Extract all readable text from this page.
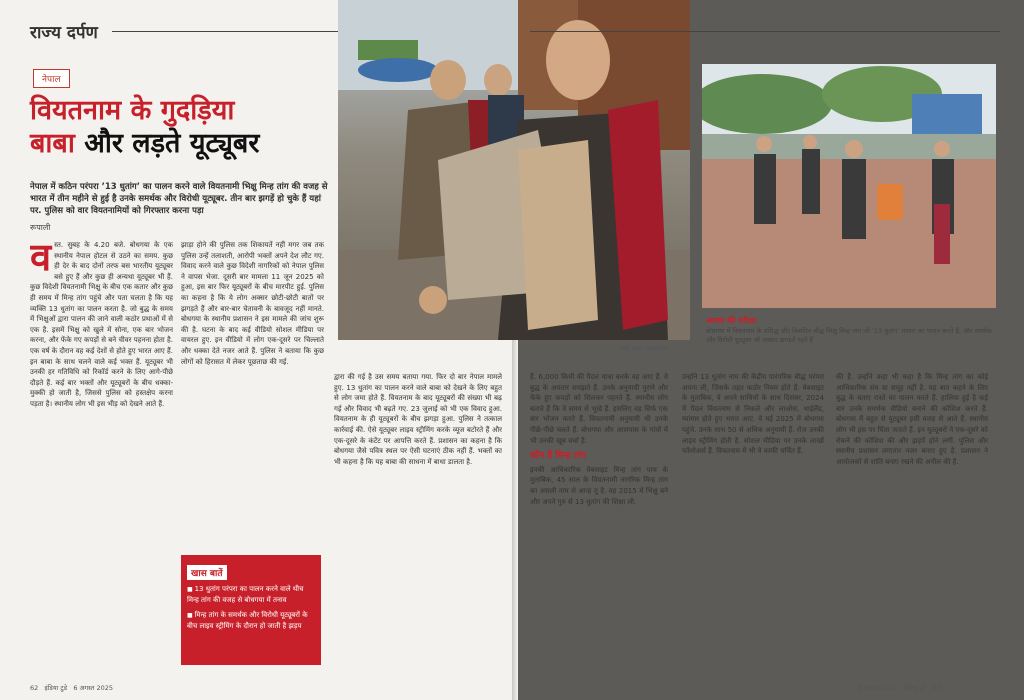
राज्य दर्पण
नेपाल
वियतनाम के गुदड़िया
बाबा और लड़ते यूट्यूबर
नेपाल में कठिन परंपरा ’13 धुतांग’ का पालन करने वाले वियतनामी भिक्षु मिन्ह तांग की वजह से भारत में तीन महीने से हुई है उनके समर्थक और विरोधी यूट्यूबर. तीन बार झगड़ें हो चुके हैं यहां पर. पुलिस को वार वियतनामियों को गिरफ्तार करना पड़ा
रूपाली
व स्त. सुबह के 4.20 बजे. बोधगया के एक स्थानीय नेपाल होटल से उठने का समय. कुछ ही देर के बाद दोनों तरफ बस भारतीय यूट्यूबर बसे हुए हैं और कुछ ही अन्यथा यूट्यूबर भी हैं. कुछ विदेशी वियतनामी भिक्षु के बीच एक कतार और कुछ ही समय में मिन्ह तांग पहुंचे और पता चलता है कि यह व्यक्ति 13 धुतांग का पालन करता है. जो बुद्ध के समय में भिक्षुओं द्वारा पालन की जाने वाली कठोर प्रथाओं में से एक है. इसमें भिक्षु को खुले में सोना, एक बार भोजन करना, और फेंके गए कपड़ों से बने चीवर पहनना होता है. एक वर्ष के दौरान वह कई देशों से होते हुए भारत आए हैं. इन बाबा के साथ चलने वाले कई भक्त हैं. यूट्यूबर भी उनकी हर गतिविधि को रिकॉर्ड करने के लिए आगे-पीछे दौड़ते हैं. कई बार भक्तों और यूट्यूबरों के बीच धक्का-मुक्की हो जाती है, जिससे पुलिस को हस्तक्षेप करना पड़ता है। स्थानीय लोग भी इस भीड़ को देखने आते हैं.
झाड़ा होने की पुलिस तक शिकायतें नहीं मगर जब तक पुलिस उन्हें तलाशती, आरोपी भक्तों अपने देश लौट गए. विवाद करने वाले कुछ विदेशी नागरिकों को नेपाल पुलिस ने वापस भेजा. दूसरी बार मामला 11 जून 2025 को हुआ, इस बार फिर यूट्यूबरों के बीच मारपीट हुई. पुलिस का कहना है कि ये लोग अक्सर छोटी-छोटी बातों पर झगड़ते हैं और बार-बार चेतावनी के बावजूद नहीं मानते. बोधगया के स्थानीय प्रशासन ने इस मामले की जांच शुरू की है. घटना के बाद कई वीडियो सोशल मीडिया पर वायरल हुए. इन वीडियो में लोग एक-दूसरे पर चिल्लाते और धक्का देते नजर आते हैं. पुलिस ने बताया कि कुछ लोगों को हिरासत में लेकर पूछताछ की गई.
खास बातें
■ 13 धुतांग परंपरा का पालन करने वाले थीच मिन्ह तांग की वजह से बोधगया में तनाव
■ मिन्ह तांग के समर्थक और विरोधी यूट्यूबरों के बीच लाइव स्ट्रीमिंग के दौरान हो जाती है झड़प
द्वारा की गई है उस समय बताया गया. फिर दो बार नेपाल मामले हुए. 13 धुतांग का पालन करने वाले बाबा को देखने के लिए बहुत से लोग जमा होते हैं. वियतनाम के बाद यूट्यूबरों की संख्या भी बढ़ गई और विवाद भी बढ़ते गए. 23 जुलाई को भी एक विवाद हुआ. वियतनाम के ही यूट्यूबरों के बीच झगड़ा हुआ. पुलिस ने तत्काल कार्रवाई की. ऐसे यूट्यूबर लाइव स्ट्रीमिंग करके व्यूज बटोरते हैं और एक-दूसरे के कंटेंट पर आपत्ति करते हैं. प्रशासन का कहना है कि बोधगया जैसे पवित्र स्थल पर ऐसी घटनाएं ठीक नहीं हैं. भक्तों का भी कहना है कि यह बाबा की साधना में बाधा डालता है.
62 इंडिया टुडे 6 अगस्त 2025
सभी फोटो: रूपालिका
आस्था की परीक्षा
बोधगया में वियतनाम के प्रसिद्ध और विवादित बौद्ध भिक्षु मिन्ह तांग जो ’13 धुतांग’ परंपरा का पालन करते हैं, और समर्थक और विरोधी यूट्यूबर जो अक्सर झगड़ते रहते हैं
हैं. 6,000 किमी की पैदल यात्रा करके वह आए हैं. वे बुद्ध के अवतार समझते हैं. उनके अनुयायी पुराने और फेंके हुए कपड़ों को सिलकर पहनते हैं. स्थानीय लोग बताते हैं कि वे समय से भूखे हैं. इसलिए वह सिर्फ एक बार भोजन करते हैं. वियतनामी अनुयायी भी उनके पीछे-पीछे चलते हैं. बोधगया और आसपास के गांवों में भी उनकी खूब चर्चा है.
कौन हैं मिन्ह तांग
इनकी आधिकारिक वेबसाइट मिन्ह तांग पाथ के मुताबिक, 45 साल के वियतनामी नागरिक मिन्ह तांग का असली नाम ले आन्ह तू है. वह 2015 में भिक्षु बने और अपने गुरु से 13 धुतांग की शिक्षा ली.
उन्होंने 13 धुतांग नाम की केंद्रीय पारंपरिक बौद्ध परंपरा अपना ली, जिसके तहत कठोर नियम होते हैं. वेबसाइट के मुताबिक, वे अपने साथियों के साथ दिसंबर, 2024 में पैदल वियतनाम से निकले और लाओस, थाईलैंड, म्यांमार होते हुए भारत आए. वे मई 2025 में बोधगया पहुंचे. उनके साथ 50 से अधिक अनुयायी हैं. रोज उनकी लाइव स्ट्रीमिंग होती है. सोशल मीडिया पर उनके लाखों फॉलोअर्स हैं. वियतनाम में भी वे काफी चर्चित हैं.
की है. उन्होंने कहा भी कहा है कि मिन्ह तांग का कोई आधिकारिक संघ या समूह नहीं है. यह बात कहने के लिए बुद्ध के बताए रास्ते का पालन करते हैं. हालिया हुई है कई बार उनके समर्थक वीडियो बनाने की कोशिश करते हैं. बोधगया में बहुत से यूट्यूबर इसी वजह से आते हैं. स्थानीय लोग भी इस पर चिंता जताते हैं. इन यूट्यूबरों ने एक-दूसरे को रोकने की कोशिश की और झड़पें होने लगीं. पुलिस और स्थानीय प्रशासन लगातार नजर बनाए हुए है. प्रशासन ने आयोजकों से शांति बनाए रखने की अपील की है.
6 अगस्त 2025 इंडिया टुडे 63
